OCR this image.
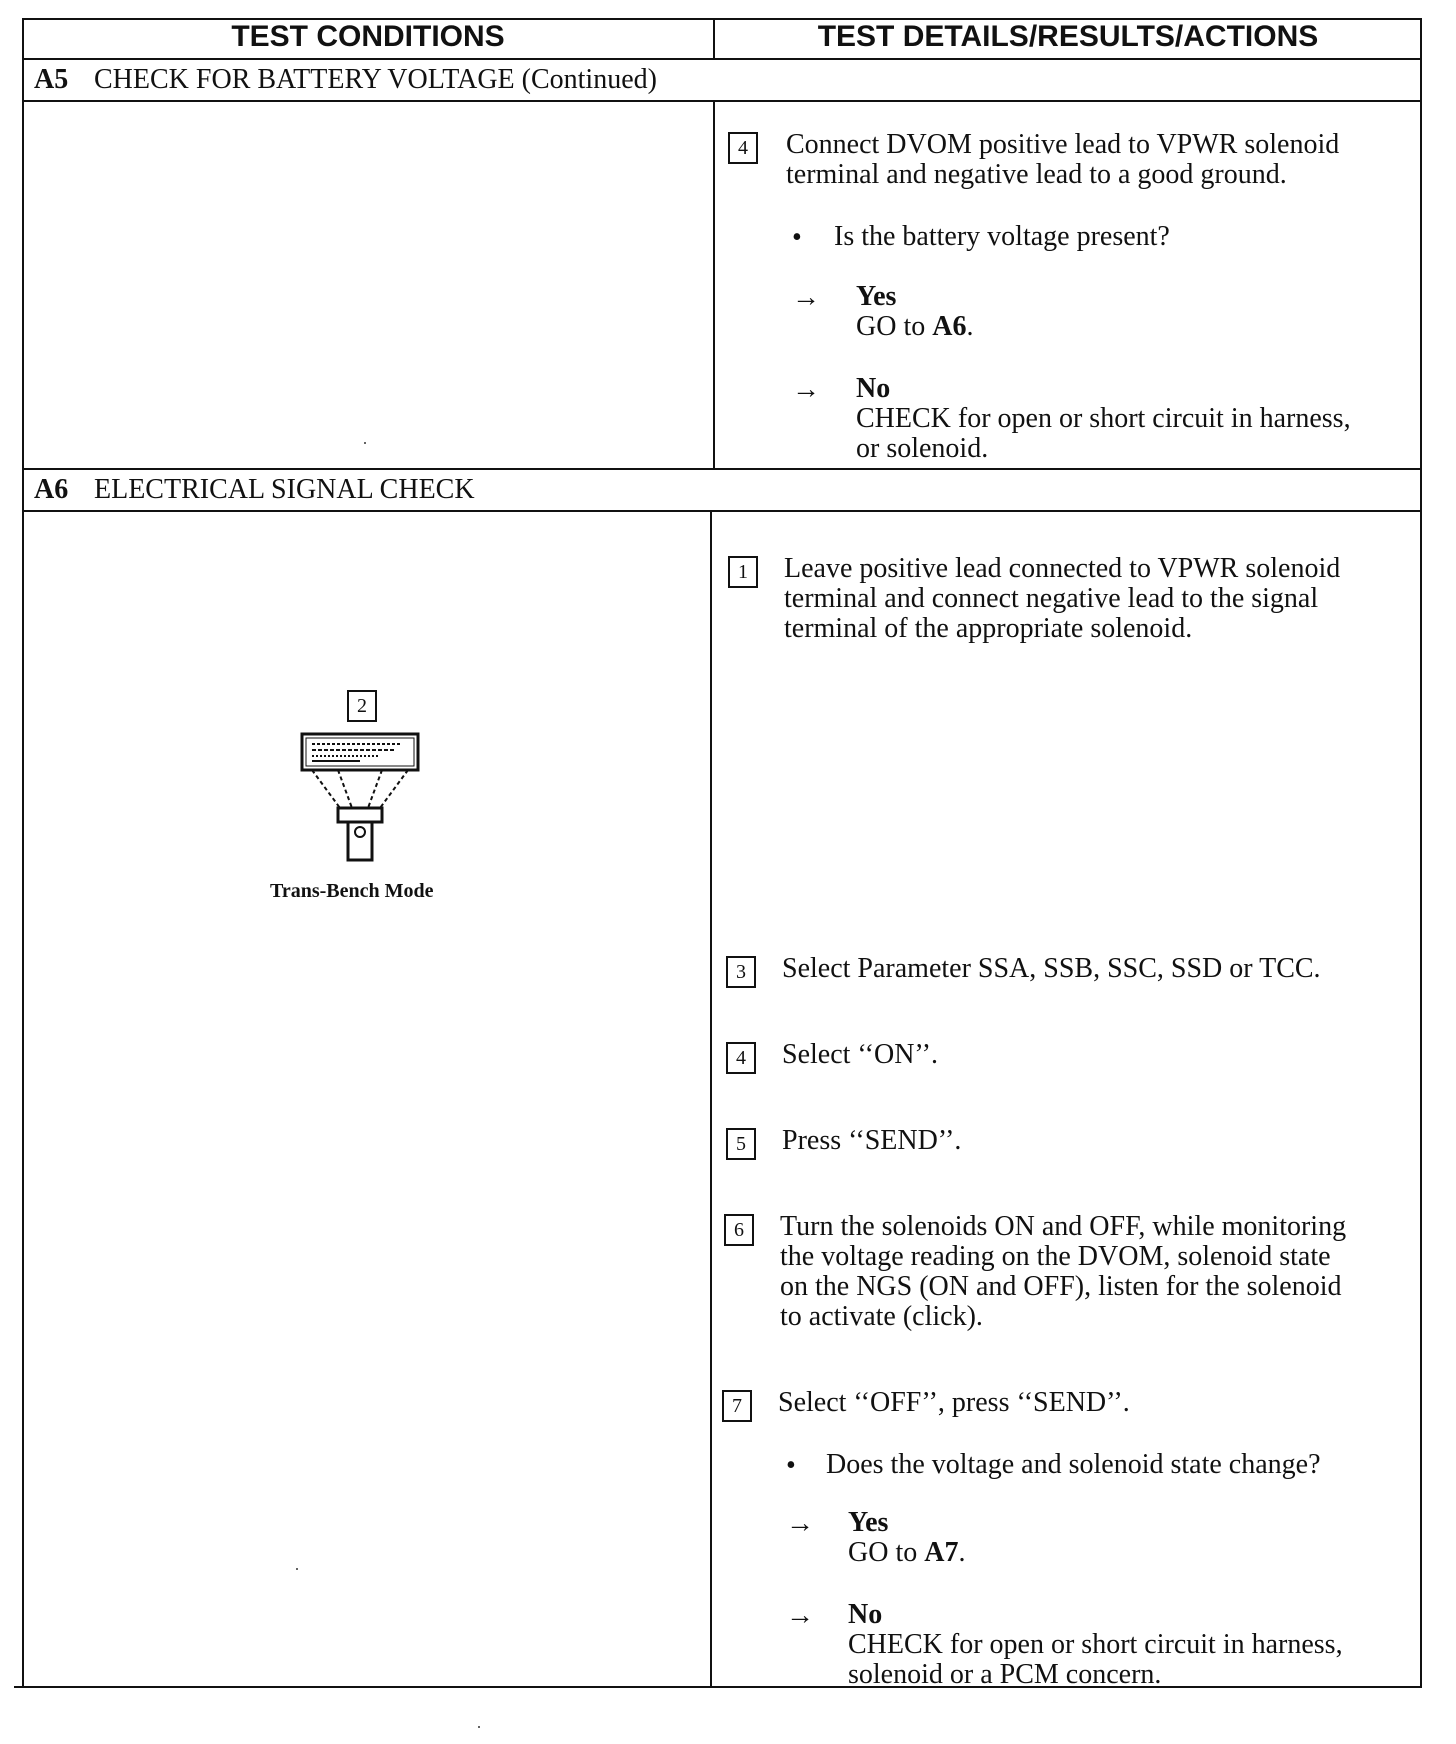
TEST CONDITIONS	TEST DETAILS/RESULTS/ACTIONS
A5 CHECK FOR BATTERY VOLTAGE (Continued)
4	Connect DVOM positive lead to VPWR solenoid
terminal and negative lead to a good ground.
• Is the battery voltage present?
→ Yes
GO to A6.
→ No
CHECK for open or short circuit in harness,
or solenoid.
A6 ELECTRICAL SIGNAL CHECK
1	Leave positive lead connected to VPWR solenoid
terminal and connect negative lead to the signal
terminal of the appropriate solenoid.
2
Trans-Bench Mode
3	Select Parameter SSA, SSB, SSC, SSD or TCC.
4	Select ‘‘ON’’.
5	Press ‘‘SEND’’.
6	Turn the solenoids ON and OFF, while monitoring
the voltage reading on the DVOM, solenoid state
on the NGS (ON and OFF), listen for the solenoid
to activate (click).
7	Select ‘‘OFF’’, press ‘‘SEND’’.
• Does the voltage and solenoid state change?
→ Yes
GO to A7.
→ No
CHECK for open or short circuit in harness,
solenoid or a PCM concern.
